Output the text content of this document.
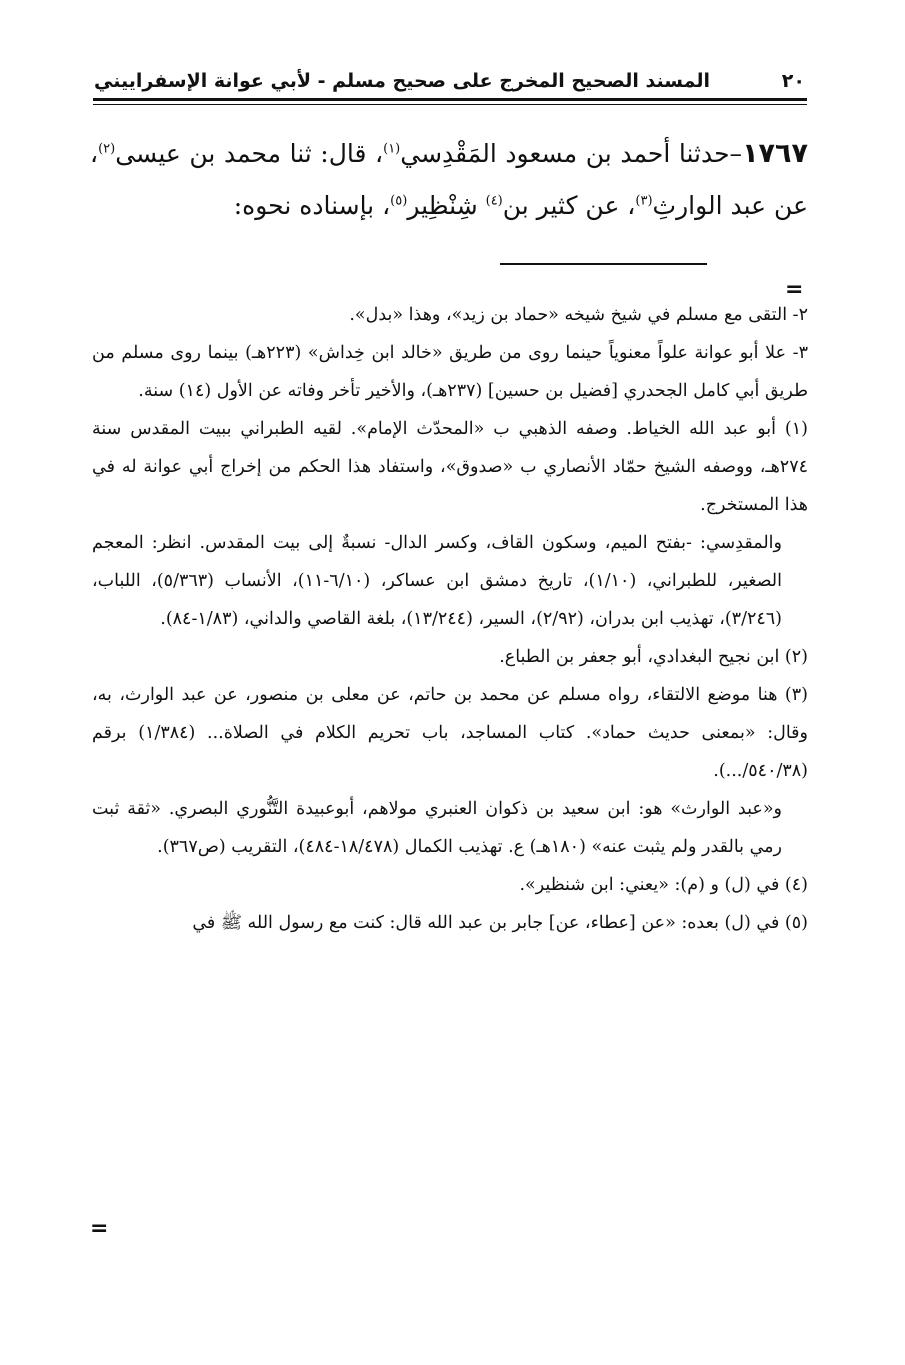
٢٠
المسند الصحيح المخرج على صحيح مسلم - لأبي عوانة الإسفراييني
١٧٦٧–حدثنا أحمد بن مسعود المَقْدِسي$^{(١)}$، قال: ثنا محمد بن عيسى$^{(٢)}$، عن عبد الوارثِ$^{(٣)}$، عن كثير بن$^{(٤)}$ شِنْظِير$^{(٥)}$، بإسناده نحوه:
=

٢- التقى مع مسلم في شيخ شيخه «حماد بن زيد»، وهذا «بدل».

٣- علا أبو عوانة علواً معنوياً حينما روى من طريق «خالد ابن خِداش» (٢٢٣هـ) بينما روى مسلم من طريق أبي كامل الجحدري [فضيل بن حسين] (٢٣٧هـ)، والأخير تأخر وفاته عن الأول (١٤) سنة.

(١) أبو عبد الله الخياط. وصفه الذهبي ب «المحدّث الإمام». لقيه الطبراني ببيت المقدس سنة ٢٧٤هـ، ووصفه الشيخ حمّاد الأنصاري ب «صدوق»، واستفاد هذا الحكم من إخراج أبي عوانة له في هذا المستخرج.

والمقدِسي: -بفتح الميم، وسكون القاف، وكسر الدال- نسبةٌ إلى بيت المقدس. انظر: المعجم الصغير، للطبراني، (١/١٠)، تاريخ دمشق ابن عساكر، (٦/١٠-١١)، الأنساب (٥/٣٦٣)، اللباب، (٣/٢٤٦)، تهذيب ابن بدران، (٢/٩٢)، السير، (١٣/٢٤٤)، بلغة القاصي والداني، (١/٨٣-٨٤).

(٢) ابن نجيح البغدادي، أبو جعفر بن الطباع.

(٣) هنا موضع الالتقاء، رواه مسلم عن محمد بن حاتم، عن معلى بن منصور، عن عبد الوارث، به، وقال: «بمعنى حديث حماد». كتاب المساجد، باب تحريم الكلام في الصلاة... (١/٣٨٤) برقم (٥٤٠/٣٨/...).

و«عبد الوارث» هو: ابن سعيد بن ذكوان العنبري مولاهم، أبوعبيدة التَّنُّوري البصري. «ثقة ثبت رمي بالقدر ولم يثبت عنه» (١٨٠هـ) ع. تهذيب الكمال (١٨/٤٧٨-٤٨٤)، التقريب (ص٣٦٧).

(٤) في (ل) و (م): «يعني: ابن شنظير».

(٥) في (ل) بعده: «عن [عطاء، عن] جابر بن عبد الله قال: كنت مع رسول الله ﷺ في

=
